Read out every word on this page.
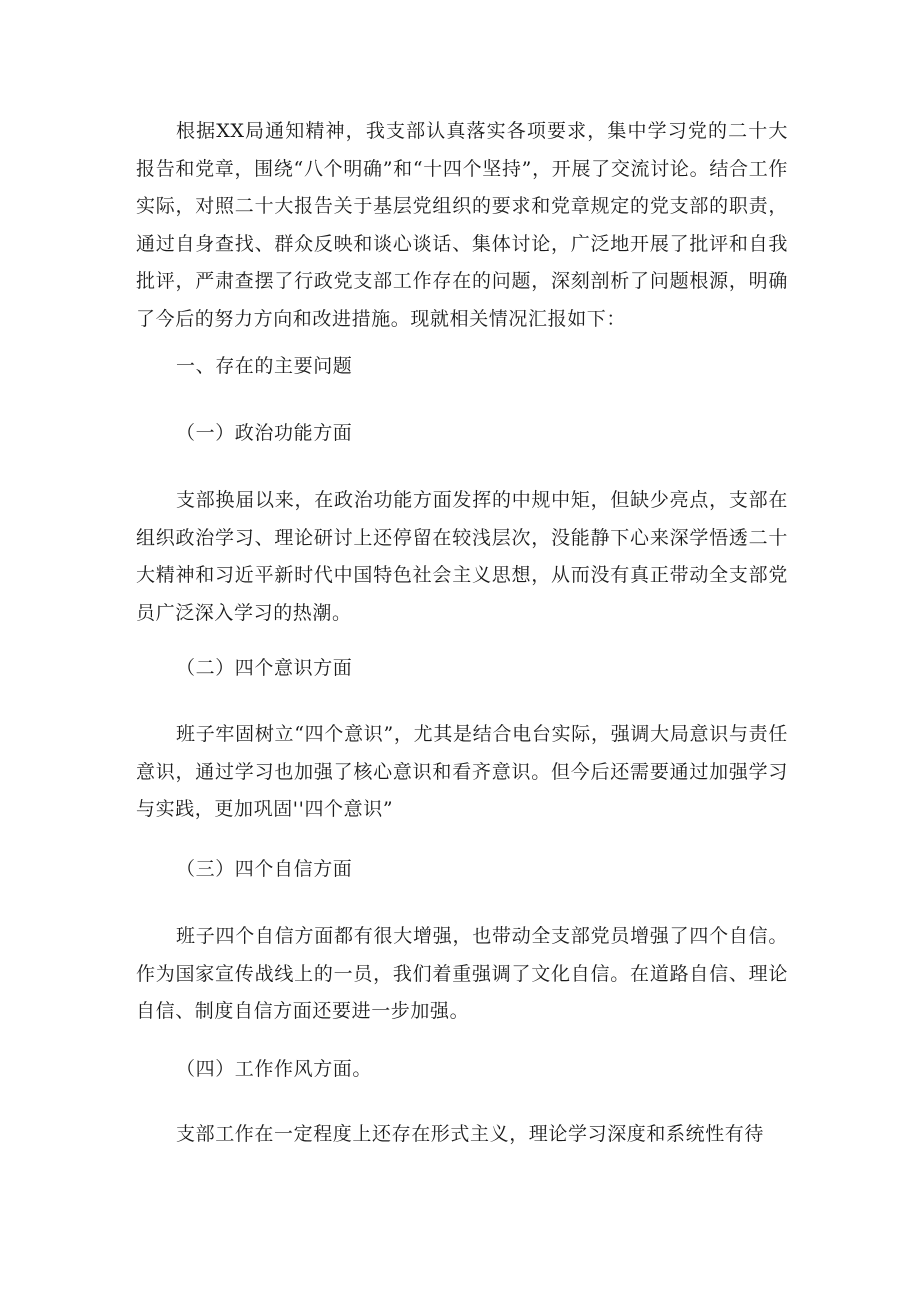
根据XX局通知精神，我支部认真落实各项要求，集中学习党的二十大报告和党章，围绕“八个明确”和“十四个坚持”，开展了交流讨论。结合工作实际，对照二十大报告关于基层党组织的要求和党章规定的党支部的职责，通过自身查找、群众反映和谈心谈话、集体讨论，广泛地开展了批评和自我批评，严肃查摆了行政党支部工作存在的问题，深刻剖析了问题根源，明确了今后的努力方向和改进措施。现就相关情况汇报如下：

一、存在的主要问题

（一）政治功能方面

支部换届以来，在政治功能方面发挥的中规中矩，但缺少亮点，支部在组织政治学习、理论研讨上还停留在较浅层次，没能静下心来深学悟透二十大精神和习近平新时代中国特色社会主义思想，从而没有真正带动全支部党员广泛深入学习的热潮。

（二）四个意识方面

班子牢固树立“四个意识”，尤其是结合电台实际，强调大局意识与责任意识，通过学习也加强了核心意识和看齐意识。但今后还需要通过加强学习与实践，更加巩固''四个意识”

（三）四个自信方面

班子四个自信方面都有很大增强，也带动全支部党员增强了四个自信。作为国家宣传战线上的一员，我们着重强调了文化自信。在道路自信、理论自信、制度自信方面还要进一步加强。

（四）工作作风方面。

支部工作在一定程度上还存在形式主义，理论学习深度和系统性有待
